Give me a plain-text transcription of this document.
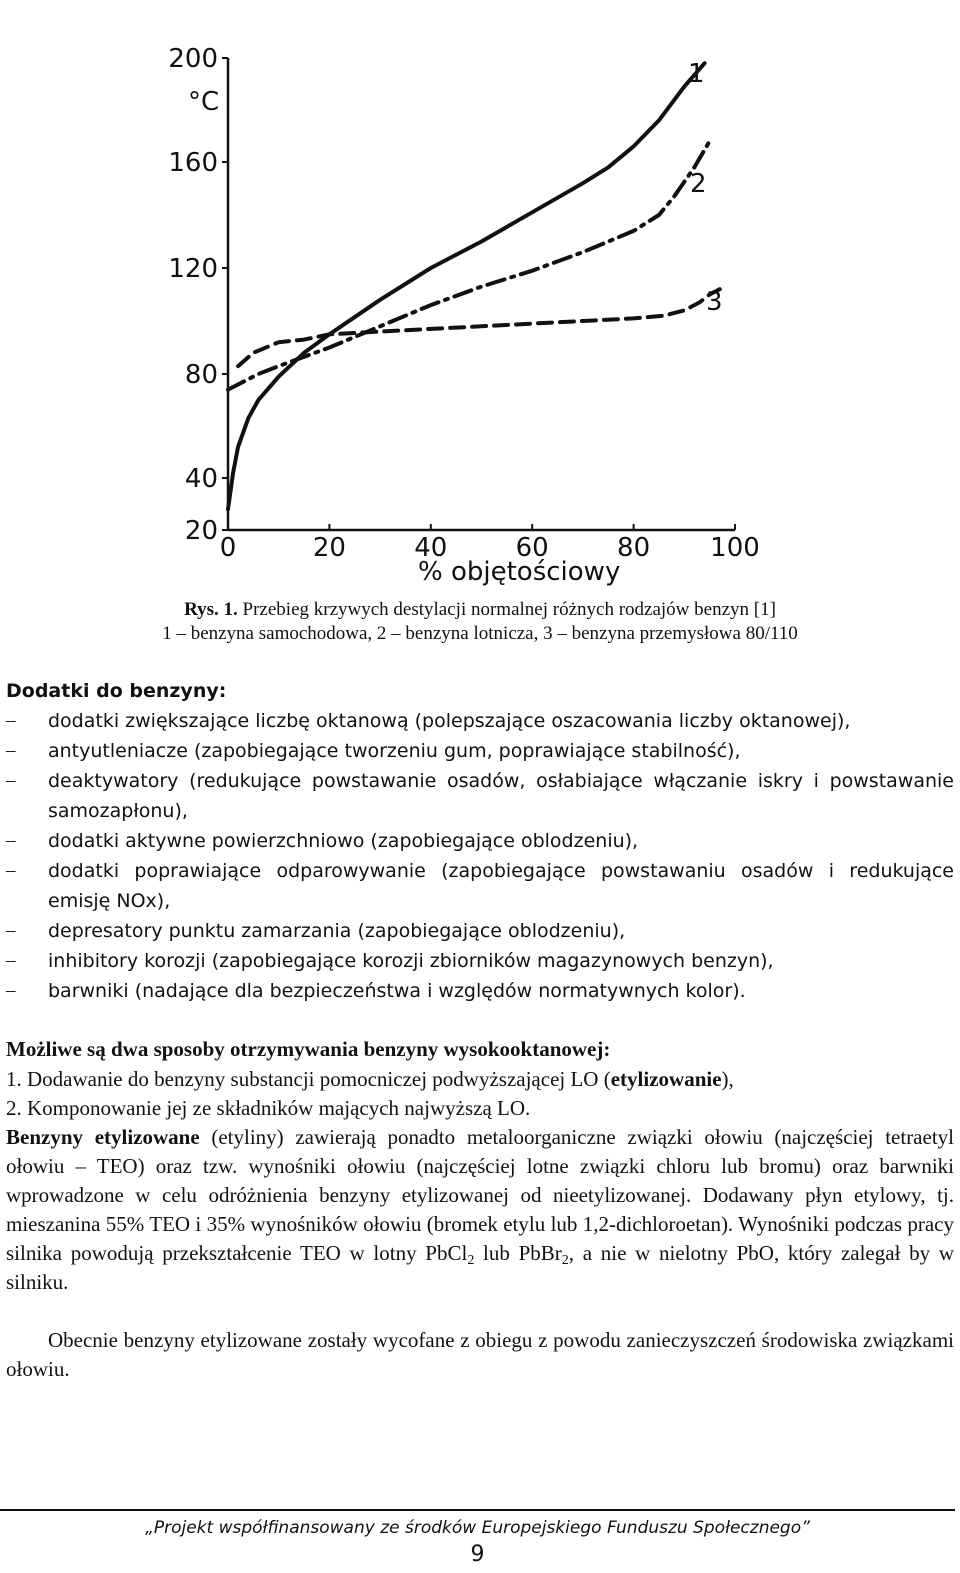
200
160
120
80
40
20
0	20	40	60	80 100
°C
% objętościowy
1
2
3
Rys. 1. Przebieg krzywych destylacji normalnej różnych rodzajów benzyn [1]
1 – benzyna samochodowa, 2 – benzyna lotnicza, 3 – benzyna przemysłowa 80/110
Dodatki do benzyny:
– dodatki zwiększające liczbę oktanową (polepszające oszacowania liczby oktanowej),
– antyutleniacze (zapobiegające tworzeniu gum, poprawiające stabilność),
– deaktywatory (redukujące powstawanie osadów, osłabiające włączanie iskry i powstawanie samozapłonu),
– dodatki aktywne powierzchniowo (zapobiegające oblodzeniu),
– dodatki poprawiające odparowywanie (zapobiegające powstawaniu osadów i redukujące emisję NOx),
– depresatory punktu zamarzania (zapobiegające oblodzeniu),
– inhibitory korozji (zapobiegające korozji zbiorników magazynowych benzyn),
– barwniki (nadające dla bezpieczeństwa i względów normatywnych kolor).
Możliwe są dwa sposoby otrzymywania benzyny wysokooktanowej:
1. Dodawanie do benzyny substancji pomocniczej podwyższającej LO (etylizowanie),
2. Komponowanie jej ze składników mających najwyższą LO.
Benzyny etylizowane (etyliny) zawierają ponadto metaloorganiczne związki ołowiu (najczęściej tetraetyl ołowiu – TEO) oraz tzw. wynośniki ołowiu (najczęściej lotne związki chloru lub bromu) oraz barwniki wprowadzone w celu odróżnienia benzyny etylizowanej od nieetylizowanej. Dodawany płyn etylowy, tj. mieszanina 55% TEO i 35% wynośników ołowiu (bromek etylu lub 1,2-dichloroetan). Wynośniki podczas pracy silnika powodują przekształcenie TEO w lotny PbCl$_2$ lub PbBr$_2$, a nie w nielotny PbO, który zalegał by w silniku.
Obecnie benzyny etylizowane zostały wycofane z obiegu z powodu zanieczyszczeń środowiska związkami ołowiu.
„Projekt współfinansowany ze środków Europejskiego Funduszu Społecznego”
9
